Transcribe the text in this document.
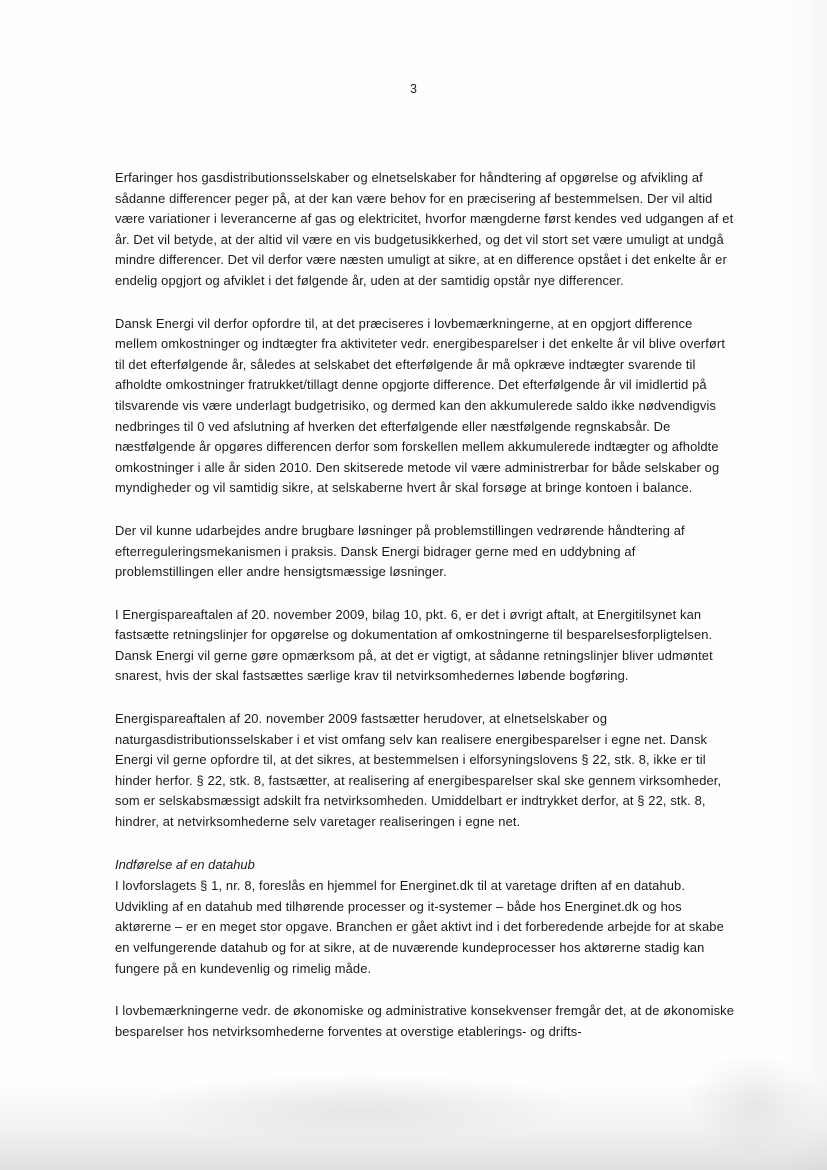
3

Erfaringer hos gasdistributionsselskaber og elnetselskaber for håndtering af opgørelse og afvikling af sådanne differencer peger på, at der kan være behov for en præcisering af bestemmelsen. Der vil altid være variationer i leverancerne af gas og elektricitet, hvorfor mængderne først kendes ved udgangen af et år. Det vil betyde, at der altid vil være en vis budgetusikkerhed, og det vil stort set være umuligt at undgå mindre differencer. Det vil derfor være næsten umuligt at sikre, at en difference opstået i det enkelte år er endelig opgjort og afviklet i det følgende år, uden at der samtidig opstår nye differencer.

Dansk Energi vil derfor opfordre til, at det præciseres i lovbemærkningerne, at en opgjort difference mellem omkostninger og indtægter fra aktiviteter vedr. energibesparelser i det enkelte år vil blive overført til det efterfølgende år, således at selskabet det efterfølgende år må opkræve indtægter svarende til afholdte omkostninger fratrukket/tillagt denne opgjorte difference. Det efterfølgende år vil imidlertid på tilsvarende vis være underlagt budgetrisiko, og dermed kan den akkumulerede saldo ikke nødvendigvis nedbringes til 0 ved afslutning af hverken det efterfølgende eller næstfølgende regnskabsår. De næstfølgende år opgøres differencen derfor som forskellen mellem akkumulerede indtægter og afholdte omkostninger i alle år siden 2010. Den skitserede metode vil være administrerbar for både selskaber og myndigheder og vil samtidig sikre, at selskaberne hvert år skal forsøge at bringe kontoen i balance.

Der vil kunne udarbejdes andre brugbare løsninger på problemstillingen vedrørende håndtering af efterreguleringsmekanismen i praksis. Dansk Energi bidrager gerne med en uddybning af problemstillingen eller andre hensigtsmæssige løsninger.

I Energispareaftalen af 20. november 2009, bilag 10, pkt. 6, er det i øvrigt aftalt, at Energitilsynet kan fastsætte retningslinjer for opgørelse og dokumentation af omkostningerne til besparelsesforpligtelsen. Dansk Energi vil gerne gøre opmærksom på, at det er vigtigt, at sådanne retningslinjer bliver udmøntet snarest, hvis der skal fastsættes særlige krav til netvirksomhedernes løbende bogføring.

Energispareaftalen af 20. november 2009 fastsætter herudover, at elnetselskaber og naturgasdistributionsselskaber i et vist omfang selv kan realisere energibesparelser i egne net. Dansk Energi vil gerne opfordre til, at det sikres, at bestemmelsen i elforsyningslovens § 22, stk. 8, ikke er til hinder herfor. § 22, stk. 8, fastsætter, at realisering af energibesparelser skal ske gennem virksomheder, som er selskabsmæssigt adskilt fra netvirksomheden. Umiddelbart er indtrykket derfor, at § 22, stk. 8, hindrer, at netvirksomhederne selv varetager realiseringen i egne net.

Indførelse af en datahub

I lovforslagets § 1, nr. 8, foreslås en hjemmel for Energinet.dk til at varetage driften af en datahub. Udvikling af en datahub med tilhørende processer og it-systemer – både hos Energinet.dk og hos aktørerne – er en meget stor opgave. Branchen er gået aktivt ind i det forberedende arbejde for at skabe en velfungerende datahub og for at sikre, at de nuværende kundeprocesser hos aktørerne stadig kan fungere på en kundevenlig og rimelig måde.

I lovbemærkningerne vedr. de økonomiske og administrative konsekvenser fremgår det, at de økonomiske besparelser hos netvirksomhederne forventes at overstige etablerings- og drifts-
